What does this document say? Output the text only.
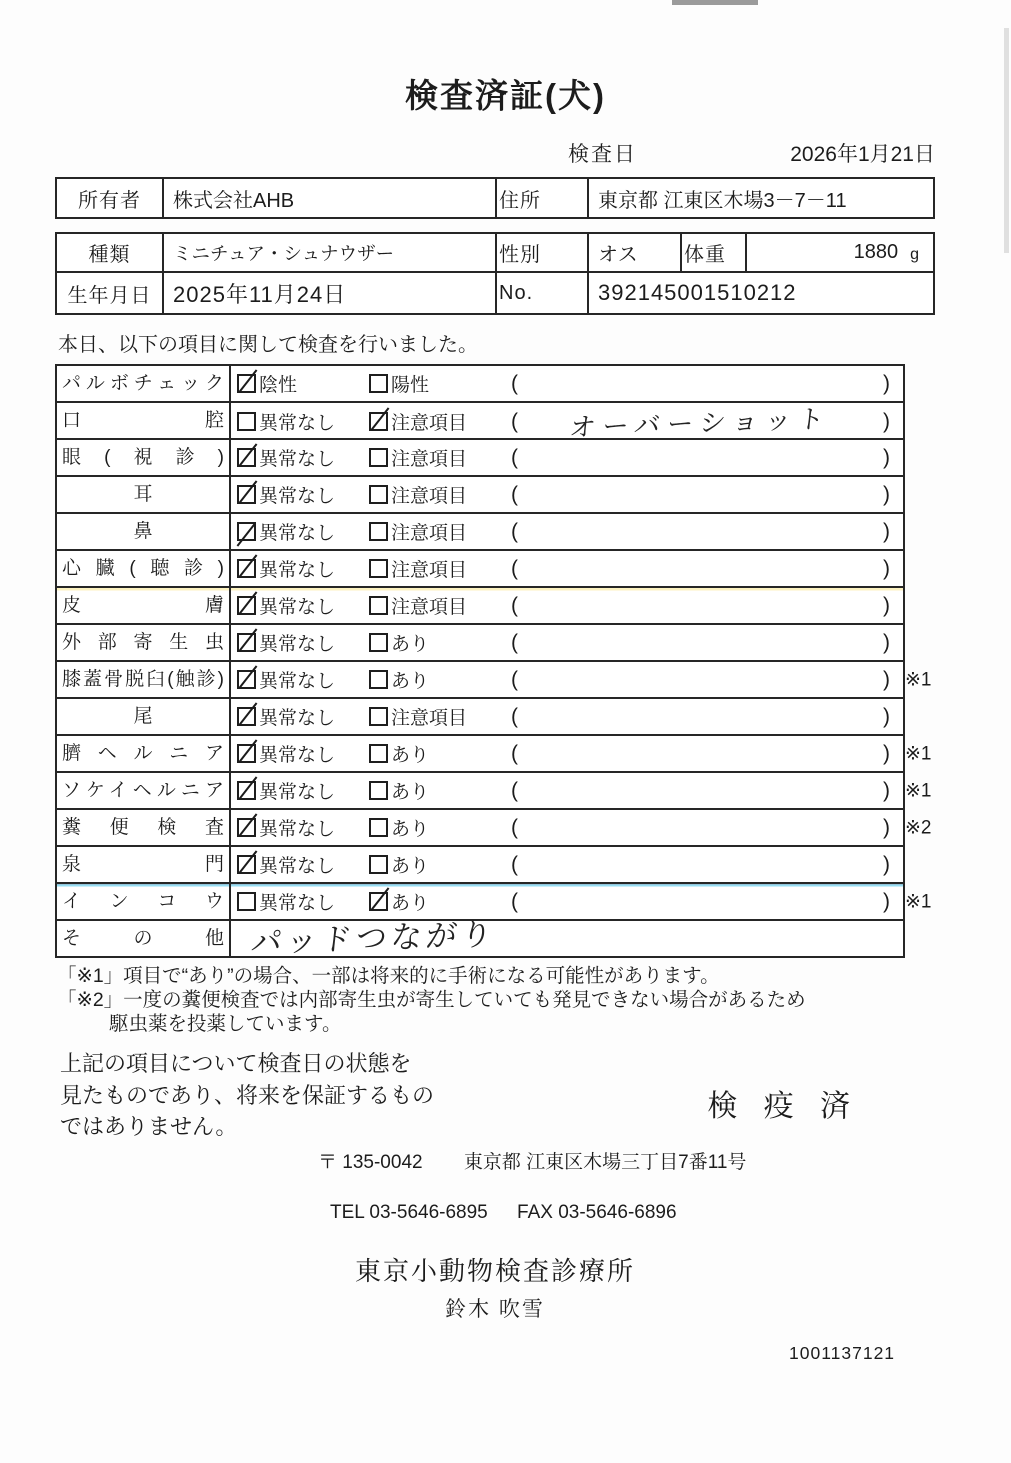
検査済証(犬)
検査日	2026年1月21日
所有者	株式会社AHB	住所	東京都 江東区木場3－7－11
種類	ミニチュア・シュナウザー	性別	オス	体重	1880 g
生年月日 2025年11月24日	No.	392145001510212

本日、以下の項目に関して検査を行いました。

パルボチェック 陰性	陽性	(	)
口腔 異常なし	注意項目 (	オーバーショット	)
眼(視診) 異常なし	注意項目 (	)
耳	異常なし	注意項目 (	)
鼻	異常なし	注意項目 (	)
心臓(聴診) 異常なし	注意項目 (	)
皮膚 異常なし	注意項目 (	)
外部寄生虫 異常なし	あり	(	)
膝蓋骨脱臼(触診) 異常なし	あり	(	) ※1
尾	異常なし	注意項目 (	)
臍ヘルニア 異常なし	あり	(	) ※1
ソケイヘルニア 異常なし	あり	(	) ※1
糞便検査 異常なし	あり	(	) ※2
泉門 異常なし	あり	(	)
インコウ 異常なし	あり	(	) ※1
その他 パッドつながり
「※1」項目で“あり”の場合、一部は将来的に手術になる可能性があります。
「※2」一度の糞便検査では内部寄生虫が寄生していても発見できない場合があるため
駆虫薬を投薬しています。
上記の項目について検査日の状態を
見たものであり、将来を保証するもの
ではありません。
検 疫 済
〒 135-0042 東京都 江東区木場三丁目7番11号
TEL 03-5646-6895 FAX 03-5646-6896
東京小動物検査診療所
鈴木 吹雪
1001137121
